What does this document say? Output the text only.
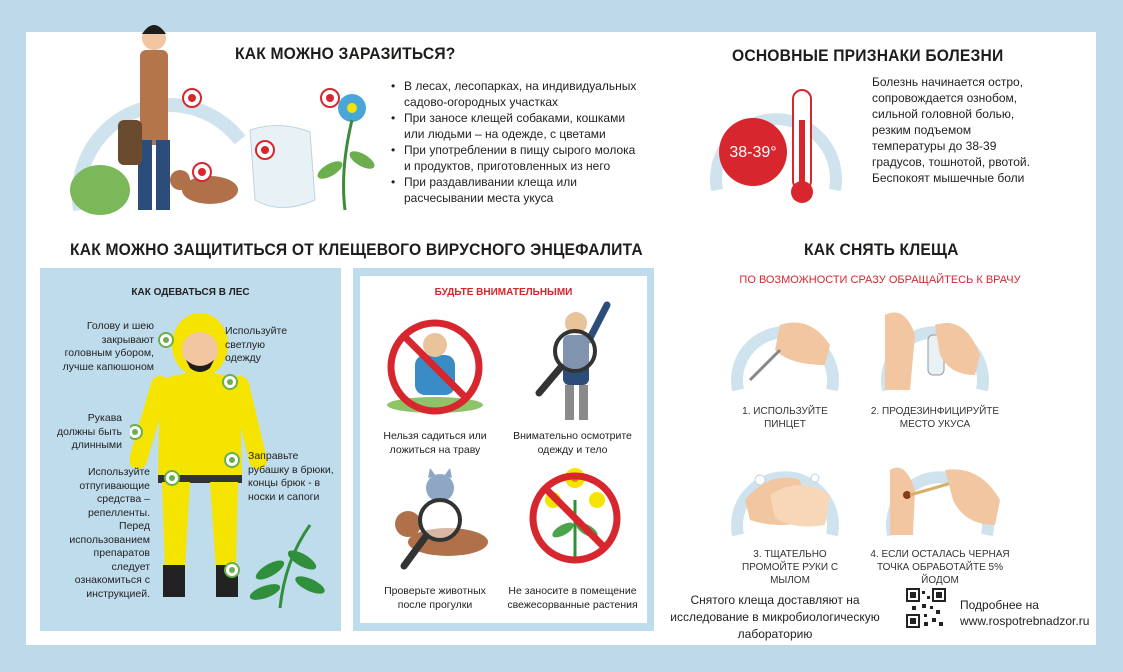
КАК МОЖНО ЗАРАЗИТЬСЯ?
• В лесах, лесопарках, на индивидуальных садово-огородных участках
• При заносе клещей собаками, кошками или людьми – на одежде, с цветами
• При употреблении в пищу сырого молока и продуктов, приготовленных из него
• При раздавливании клеща или расчесывании места укуса
ОСНОВНЫЕ ПРИЗНАКИ БОЛЕЗНИ
38-39°
Болезнь начинается остро, сопровождается ознобом, сильной головной болью, резким подъемом температуры до 38-39 градусов, тошнотой, рвотой. Беспокоят мышечные боли
КАК МОЖНО ЗАЩИТИТЬСЯ ОТ КЛЕЩЕВОГО ВИРУСНОГО ЭНЦЕФАЛИТА
КАК ОДЕВАТЬСЯ В ЛЕС
Голову и шею закрывают головным убором, лучше капюшоном
Используйте светлую одежду
Рукава должны быть длинными
Заправьте рубашку в брюки, концы брюк - в носки и сапоги
Используйте отпугивающие средства – репелленты. Перед использованием препаратов следует ознакомиться с инструкцией.
БУДЬТЕ ВНИМАТЕЛЬНЫМИ
Нельзя садиться или ложиться на траву
Внимательно осмотрите одежду и тело
Проверьте животных после прогулки
Не заносите в помещение свежесорванные растения
КАК СНЯТЬ КЛЕЩА
ПО ВОЗМОЖНОСТИ СРАЗУ ОБРАЩАЙТЕСЬ К ВРАЧУ
1. ИСПОЛЬЗУЙТЕ ПИНЦЕТ
2. ПРОДЕЗИНФИЦИРУЙТЕ МЕСТО УКУСА
3. ТЩАТЕЛЬНО ПРОМОЙТЕ РУКИ С МЫЛОМ
4. ЕСЛИ ОСТАЛАСЬ ЧЕРНАЯ ТОЧКА ОБРАБОТАЙТЕ 5% ЙОДОМ
Снятого клеща доставляют на исследование в микробиологическую лабораторию
Подробнее на
www.rospotrebnadzor.ru
